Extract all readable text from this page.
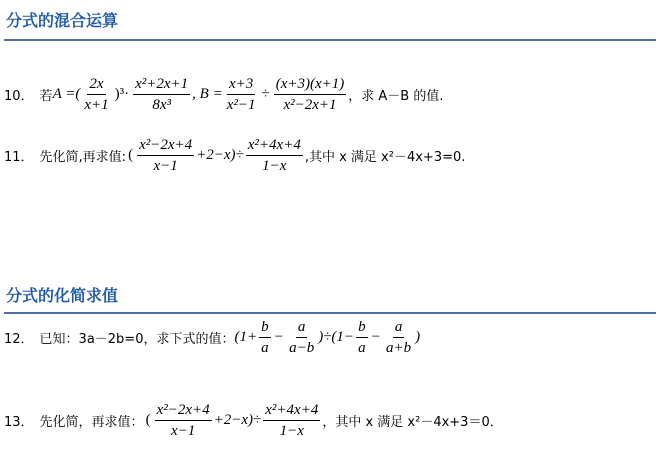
分式的混合运算
10． 若 A =( $\frac{2x}{x+1} )^3\cdot \frac{\text{x²+2x+1}}{\text{8x³}}$ , $B = \frac{x+3}{\text{x²−1}} \div \frac{(x+3)(x+1)}{\text{x²−2x+1}}$ ，求 A－B 的值.
11． 先化简,再求值: ( $\frac{\text{x²−2x+4}}{x-1} +2-x)\div \frac{\text{x²+4x+4}}{1-x}$ ,其中 x 满足 x²－4x+3=0.
分式的化简求值
12． 已知：3a－2b=0，求下式的值： $(1+ \frac{b}{a} - \frac{a}{a-b} )\div(1- \frac{b}{a} - \frac{a}{a+b}$ )
13． 先化简，再求值： ( $\frac{\text{x²−2x+4}}{x-1} +2-x)\div \frac{\text{x²+4x+4}}{1-x}$ ，其中 x 满足 x²－4x+3＝0．
